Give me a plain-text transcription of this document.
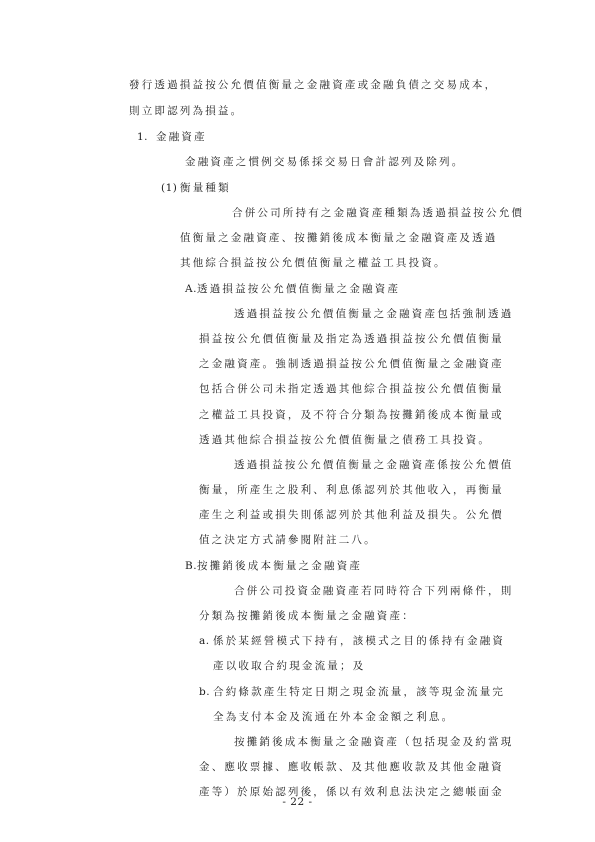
發行透過損益按公允價值衡量之金融資產或金融負債之交易成本，
則立即認列為損益。
1. 金融資產
金融資產之慣例交易係採交易日會計認列及除列。
(1) 衡量種類
合併公司所持有之金融資產種類為透過損益按公允價
值衡量之金融資產、按攤銷後成本衡量之金融資產及透過
其他綜合損益按公允價值衡量之權益工具投資。
A. 透過損益按公允價值衡量之金融資產
透過損益按公允價值衡量之金融資產包括強制透過
損益按公允價值衡量及指定為透過損益按公允價值衡量
之金融資產。強制透過損益按公允價值衡量之金融資產
包括合併公司未指定透過其他綜合損益按公允價值衡量
之權益工具投資，及不符合分類為按攤銷後成本衡量或
透過其他綜合損益按公允價值衡量之債務工具投資。
透過損益按公允價值衡量之金融資產係按公允價值
衡量，所產生之股利、利息係認列於其他收入，再衡量
產生之利益或損失則係認列於其他利益及損失。公允價
值之決定方式請參閱附註二八。
B. 按攤銷後成本衡量之金融資產
合併公司投資金融資產若同時符合下列兩條件，則
分類為按攤銷後成本衡量之金融資產：
a. 係於某經營模式下持有，該模式之目的係持有金融資
產以收取合約現金流量；及
b. 合約條款產生特定日期之現金流量，該等現金流量完
全為支付本金及流通在外本金金額之利息。
按攤銷後成本衡量之金融資產（包括現金及約當現
金、應收票據、應收帳款、及其他應收款及其他金融資
產等）於原始認列後，係以有效利息法決定之總帳面金
- 22 -
